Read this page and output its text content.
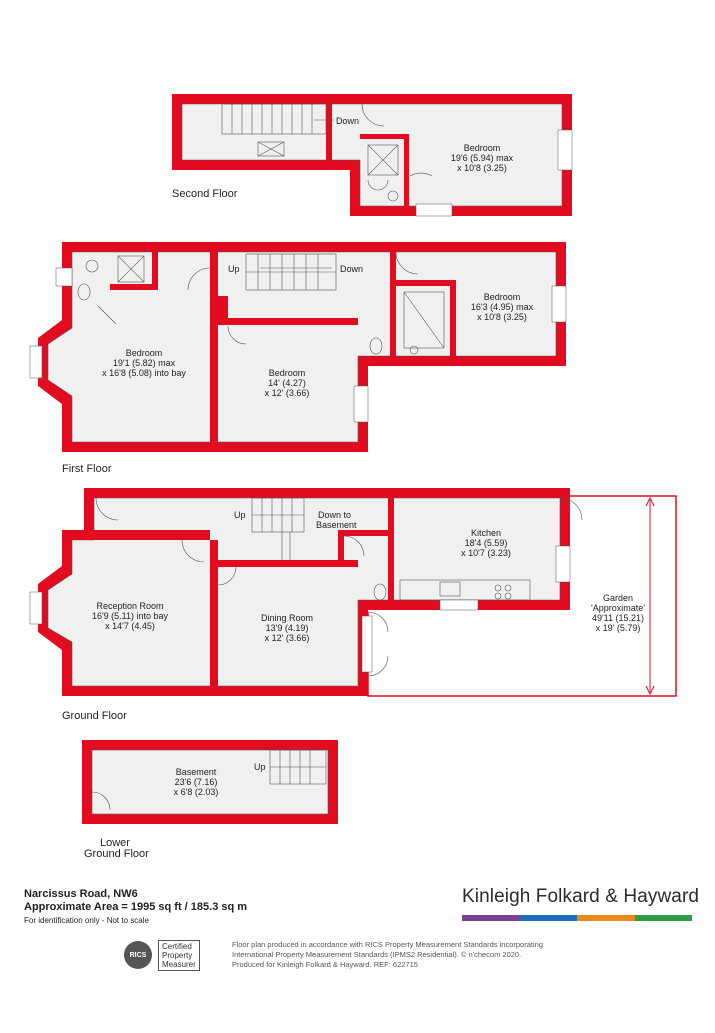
Down
Bedroom
19'6 (5.94) max
x 10'8 (3.25)
Second Floor
Up	Down
Bedroom
19'1 (5.82) max
x 16'8 (5.08) into bay	Bedroom
14' (4.27)
x 12' (3.66)
Bedroom
16'3 (4.95) max
x 10'8 (3.25)
First Floor
Up	Down to
Basement
Kitchen
18'4 (5.59)
x 10'7 (3.23)
Reception Room
16'9 (5.11) into bay
x 14'7 (4.45)
Dining Room
13'9 (4.19)
x 12' (3.66)
Garden
'Approximate'
49'11 (15.21)
x 19' (5.79)
Ground Floor
Up
Basement
23'6 (7.16)
x 6'8 (2.03)
Lower
Ground Floor
Narcissus Road, NW6
Approximate Area = 1995 sq ft / 185.3 sq m
For identification only - Not to scale
Kinleigh Folkard & Hayward
RICS
Certified
Property
Measurer
Floor plan produced in accordance with RICS Property Measurement Standards incorporating
International Property Measurement Standards (IPMS2 Residential). © n'checom 2020.
Produced for Kinleigh Folkard & Hayward. REF: 622715
